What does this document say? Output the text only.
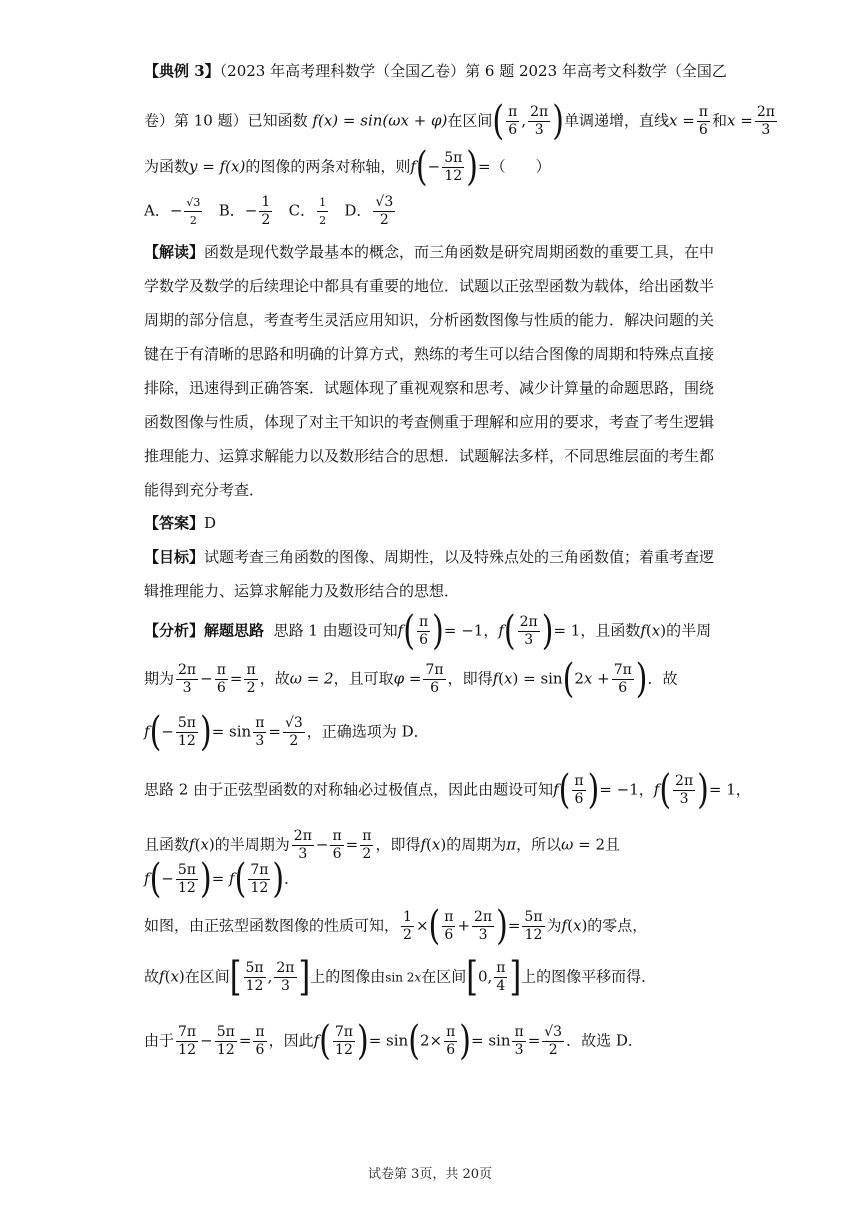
【典例 3】（2023 年高考理科数学（全国乙卷）第 6 题 2023 年高考文科数学（全国乙
卷）第 10 题）已知函数 f(x) = sin(ωx + φ)在区间( $\frac{\pi}{6}$ , $\frac{2\pi}{3}$ )单调递增，直线$x = \frac{\pi}{6}$ 和$x = \frac{2\pi}{3}$
为函数y = f(x)的图像的两条对称轴，则$f(- \frac{5\pi}{12}$ )=（　　）
A．− $\frac{√3}{2}$ B．− $\frac{1}{2}$ C． $\frac{1}{2}$ D． $\frac{√3}{2}$
【解读】函数是现代数学最基本的概念，而三角函数是研究周期函数的重要工具，在中
学数学及数学的后续理论中都具有重要的地位．试题以正弦型函数为载体，给出函数半
周期的部分信息，考查考生灵活应用知识，分析函数图像与性质的能力．解决问题的关
键在于有清晰的思路和明确的计算方式，熟练的考生可以结合图像的周期和特殊点直接
排除，迅速得到正确答案．试题体现了重视观察和思考、减少计算量的命题思路，围绕
函数图像与性质，体现了对主干知识的考查侧重于理解和应用的要求，考查了考生逻辑
推理能力、运算求解能力以及数形结合的思想．试题解法多样，不同思维层面的考生都
能得到充分考查．
【答案】D
【目标】试题考查三角函数的图像、周期性，以及特殊点处的三角函数值；着重考查逻
辑推理能力、运算求解能力及数形结合的思想．
【分析】解题思路 思路 1 由题设可知$f( \frac{\pi}{6}$ )= −1，$f( \frac{2\pi}{3}$ )= 1，且函数f(x)的半周
期为 $\frac{2\pi}{3} - \frac{\pi}{6} = \frac{\pi}{2}$ ，故ω = 2，且可取$\varphi = \frac{7\pi}{6}$ ，即得$f(x) = \sin(2x + \frac{7\pi}{6}$ )．故
$f(- \frac{5\pi}{12}$ )= $\sin \frac{\pi}{3} = \frac{√3}{2}$ ，正确选项为 D．
思路 2 由于正弦型函数的对称轴必过极值点，因此由题设可知$f( \frac{\pi}{6}$ )= −1，$f( \frac{2\pi}{3}$ )= 1，
且函数f(x)的半周期为 $\frac{2\pi}{3} - \frac{\pi}{6} = \frac{\pi}{2}$ ，即得f(x)的周期为π，所以ω = 2且
$f(- \frac{5\pi}{12}$ )= $f( \frac{7\pi}{12}$ )．
如图，由正弦型函数图像的性质可知， $\frac{1}{2}$ ×( $\frac{\pi}{6} + \frac{2\pi}{3}$ )= $\frac{5\pi}{12}$ 为f(x)的零点，
故f(x)在区间[ $\frac{5\pi}{12}$ , $\frac{2\pi}{3}$ ]上的图像由sin 2x在区间[0, $\frac{\pi}{4}$ ]上的图像平移而得．
由于 $\frac{7\pi}{12} - \frac{5\pi}{12} = \frac{\pi}{6}$ ，因此$f( \frac{7\pi}{12}$ )= $\sin(2\times \frac{\pi}{6}$ )= $\sin \frac{\pi}{3} = \frac{√3}{2}$ ．故选 D．
试卷第 3页，共 20页
